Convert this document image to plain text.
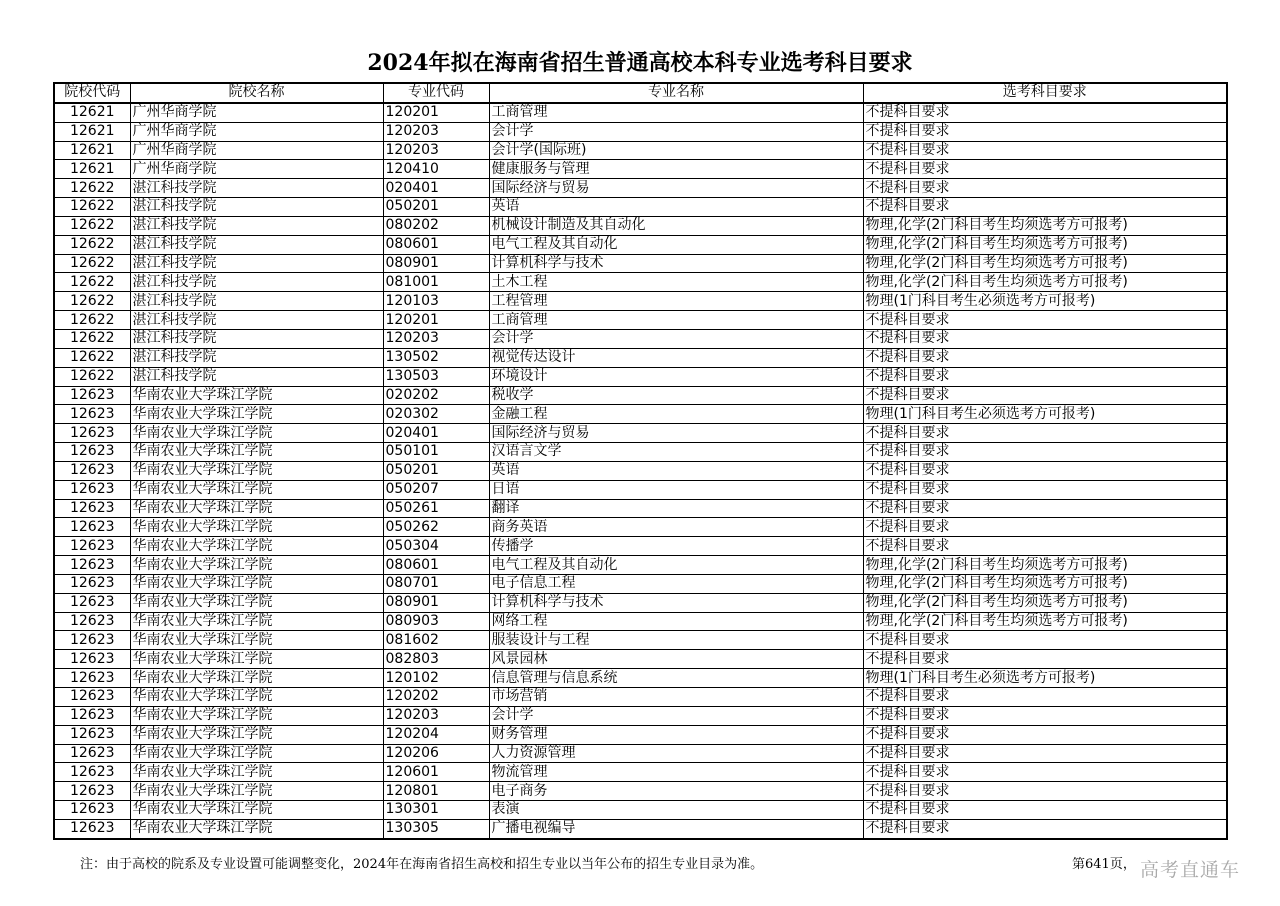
2024年拟在海南省招生普通高校本科专业选考科目要求
院校代码	院校名称	专业代码	专业名称	选考科目要求
12621	广州华商学院	120201	工商管理	不提科目要求
12621	广州华商学院	120203	会计学	不提科目要求
12621	广州华商学院	120203	会计学(国际班)	不提科目要求
12621	广州华商学院	120410	健康服务与管理	不提科目要求
12622	湛江科技学院	020401	国际经济与贸易	不提科目要求
12622	湛江科技学院	050201	英语	不提科目要求
12622	湛江科技学院	080202	机械设计制造及其自动化	物理,化学(2门科目考生均须选考方可报考)
12622	湛江科技学院	080601	电气工程及其自动化	物理,化学(2门科目考生均须选考方可报考)
12622	湛江科技学院	080901	计算机科学与技术	物理,化学(2门科目考生均须选考方可报考)
12622	湛江科技学院	081001	土木工程	物理,化学(2门科目考生均须选考方可报考)
12622	湛江科技学院	120103	工程管理	物理(1门科目考生必须选考方可报考)
12622	湛江科技学院	120201	工商管理	不提科目要求
12622	湛江科技学院	120203	会计学	不提科目要求
12622	湛江科技学院	130502	视觉传达设计	不提科目要求
12622	湛江科技学院	130503	环境设计	不提科目要求
12623	华南农业大学珠江学院	020202	税收学	不提科目要求
12623	华南农业大学珠江学院	020302	金融工程	物理(1门科目考生必须选考方可报考)
12623	华南农业大学珠江学院	020401	国际经济与贸易	不提科目要求
12623	华南农业大学珠江学院	050101	汉语言文学	不提科目要求
12623	华南农业大学珠江学院	050201	英语	不提科目要求
12623	华南农业大学珠江学院	050207	日语	不提科目要求
12623	华南农业大学珠江学院	050261	翻译	不提科目要求
12623	华南农业大学珠江学院	050262	商务英语	不提科目要求
12623	华南农业大学珠江学院	050304	传播学	不提科目要求
12623	华南农业大学珠江学院	080601	电气工程及其自动化	物理,化学(2门科目考生均须选考方可报考)
12623	华南农业大学珠江学院	080701	电子信息工程	物理,化学(2门科目考生均须选考方可报考)
12623	华南农业大学珠江学院	080901	计算机科学与技术	物理,化学(2门科目考生均须选考方可报考)
12623	华南农业大学珠江学院	080903	网络工程	物理,化学(2门科目考生均须选考方可报考)
12623	华南农业大学珠江学院	081602	服装设计与工程	不提科目要求
12623	华南农业大学珠江学院	082803	风景园林	不提科目要求
12623	华南农业大学珠江学院	120102	信息管理与信息系统	物理(1门科目考生必须选考方可报考)
12623	华南农业大学珠江学院	120202	市场营销	不提科目要求
12623	华南农业大学珠江学院	120203	会计学	不提科目要求
12623	华南农业大学珠江学院	120204	财务管理	不提科目要求
12623	华南农业大学珠江学院	120206	人力资源管理	不提科目要求
12623	华南农业大学珠江学院	120601	物流管理	不提科目要求
12623	华南农业大学珠江学院	120801	电子商务	不提科目要求
12623	华南农业大学珠江学院	130301	表演	不提科目要求
12623	华南农业大学珠江学院	130305	广播电视编导	不提科目要求
注：由于高校的院系及专业设置可能调整变化，2024年在海南省招生高校和招生专业以当年公布的招生专业目录为准。	第641页， 高考直通车
